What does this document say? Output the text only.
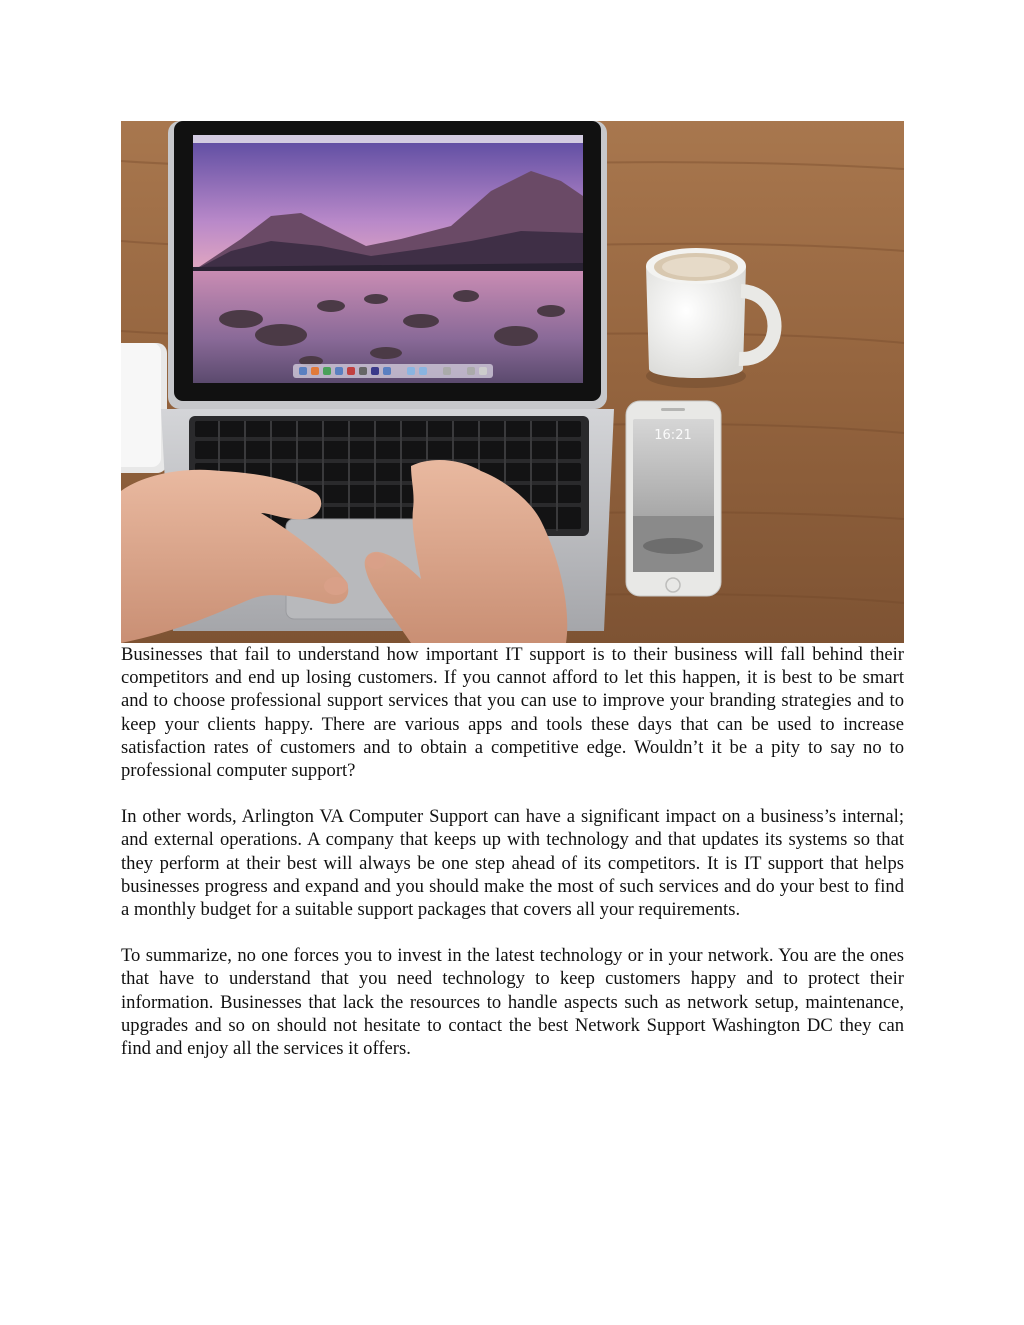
16:21

Businesses that fail to understand how important IT support is to their business will fall behind their competitors and end up losing customers. If you cannot afford to let this happen, it is best to be smart and to choose professional support services that you can use to improve your branding strategies and to keep your clients happy. There are various apps and tools these days that can be used to increase satisfaction rates of customers and to obtain a competitive edge. Wouldn’t it be a pity to say no to professional computer support?

In other words, Arlington VA Computer Support can have a significant impact on a business’s internal; and external operations. A company that keeps up with technology and that updates its systems so that they perform at their best will always be one step ahead of its competitors. It is IT support that helps businesses progress and expand and you should make the most of such services and do your best to find a monthly budget for a suitable support packages that covers all your requirements.

To summarize, no one forces you to invest in the latest technology or in your network. You are the ones that have to understand that you need technology to keep customers happy and to protect their information. Businesses that lack the resources to handle aspects such as network setup, maintenance, upgrades and so on should not hesitate to contact the best Network Support Washington DC they can find and enjoy all the services it offers.
